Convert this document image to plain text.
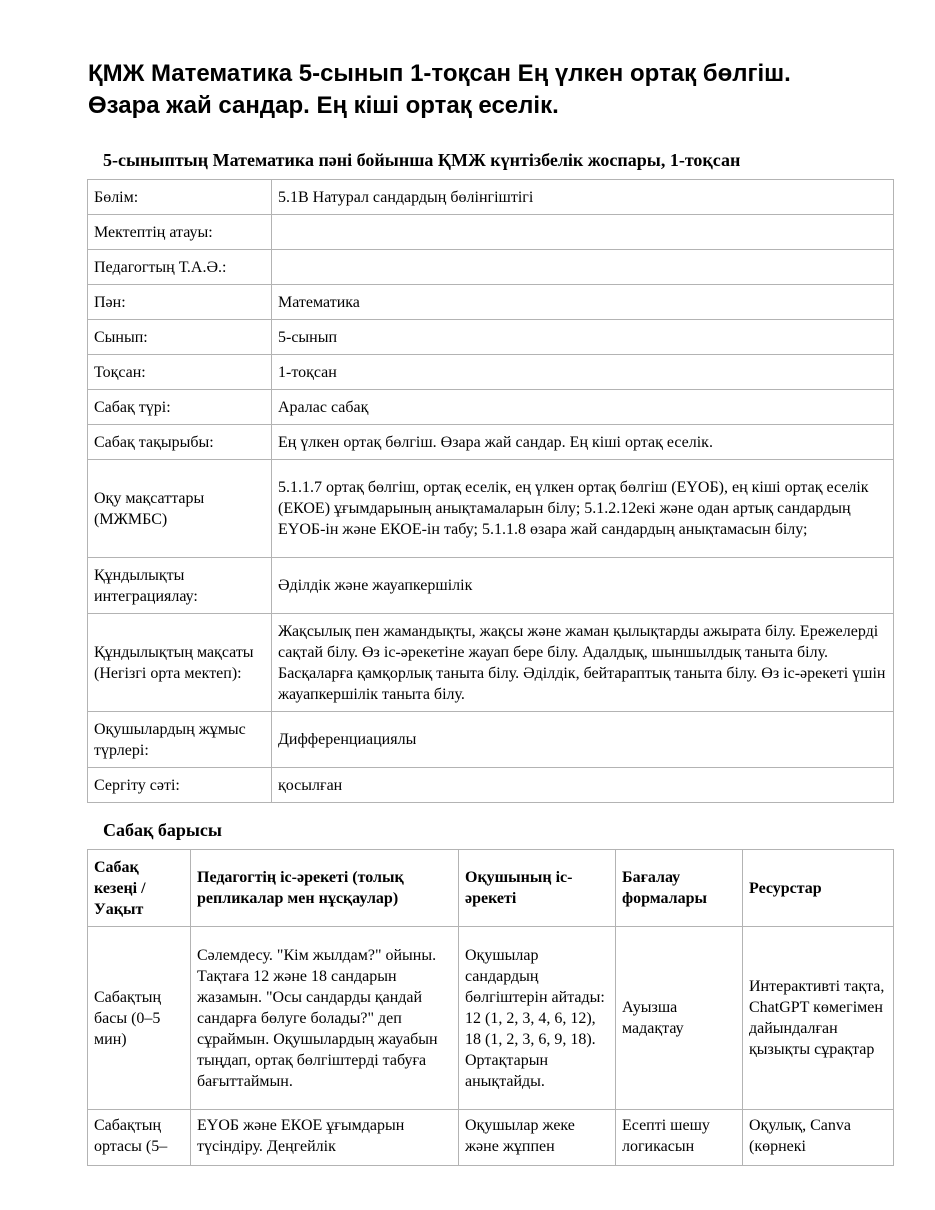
ҚМЖ Математика 5-сынып 1-тоқсан Ең үлкен ортақ бөлгіш. Өзара жай сандар. Ең кіші ортақ еселік.
5-сыныптың Математика пәні бойынша ҚМЖ күнтізбелік жоспары, 1-тоқсан
Бөлім:	5.1В Натурал сандардың бөлінгіштігі
Мектептің атауы:	
Педагогтың Т.А.Ә.:	
Пән:	Математика
Сынып:	5-сынып
Тоқсан:	1-тоқсан
Сабақ түрі:	Аралас сабақ
Сабақ тақырыбы:	Ең үлкен ортақ бөлгіш. Өзара жай сандар. Ең кіші ортақ еселік.
Оқу мақсаттары (МЖМБС)	5.1.1.7 ортақ бөлгіш, ортақ еселік, ең үлкен ортақ бөлгіш (ЕҮОБ), ең кіші ортақ еселік (ЕКОЕ) ұғымдарының анықтамаларын білу; 5.1.2.12екі және одан артық сандардың ЕҮОБ-ін және ЕКОЕ-ін табу; 5.1.1.8 өзара жай сандардың анықтамасын білу;
Құндылықты интеграциялау:	Әділдік және жауапкершілік
Құндылықтың мақсаты (Негізгі орта мектеп):	Жақсылық пен жамандықты, жақсы және жаман қылықтарды ажырата білу. Ережелерді сақтай білу. Өз іс-әрекетіне жауап бере білу. Адалдық, шыншылдық таныта білу. Басқаларға қамқорлық таныта білу. Әділдік, бейтараптық таныта білу. Өз іс-әрекеті үшін жауапкершілік таныта білу.
Оқушылардың жұмыс түрлері:	Дифференциациялы
Сергіту сәті:	қосылған
Сабақ барысы
Сабақ кезеңі / Уақыт	Педагогтің іс-әрекеті (толық репликалар мен нұсқаулар)	Оқушының іс-әрекеті	Бағалау формалары	Ресурстар
Сабақтың басы (0–5 мин)	Сәлемдесу. "Кім жылдам?" ойыны. Тақтаға 12 және 18 сандарын жазамын. "Осы сандарды қандай сандарға бөлуге болады?" деп сұраймын. Оқушылардың жауабын тыңдап, ортақ бөлгіштерді табуға бағыттаймын.	Оқушылар сандардың бөлгіштерін айтады: 12 (1, 2, 3, 4, 6, 12), 18 (1, 2, 3, 6, 9, 18). Ортақтарын анықтайды.	Ауызша мадақтау	Интерактивті тақта, ChatGPT көмегімен дайындалған қызықты сұрақтар
Сабақтың ортасы (5–	ЕҮОБ және ЕКОЕ ұғымдарын түсіндіру. Деңгейлік	Оқушылар жеке және жұппен	Есепті шешу логикасын	Оқулық, Canva (көрнекі
